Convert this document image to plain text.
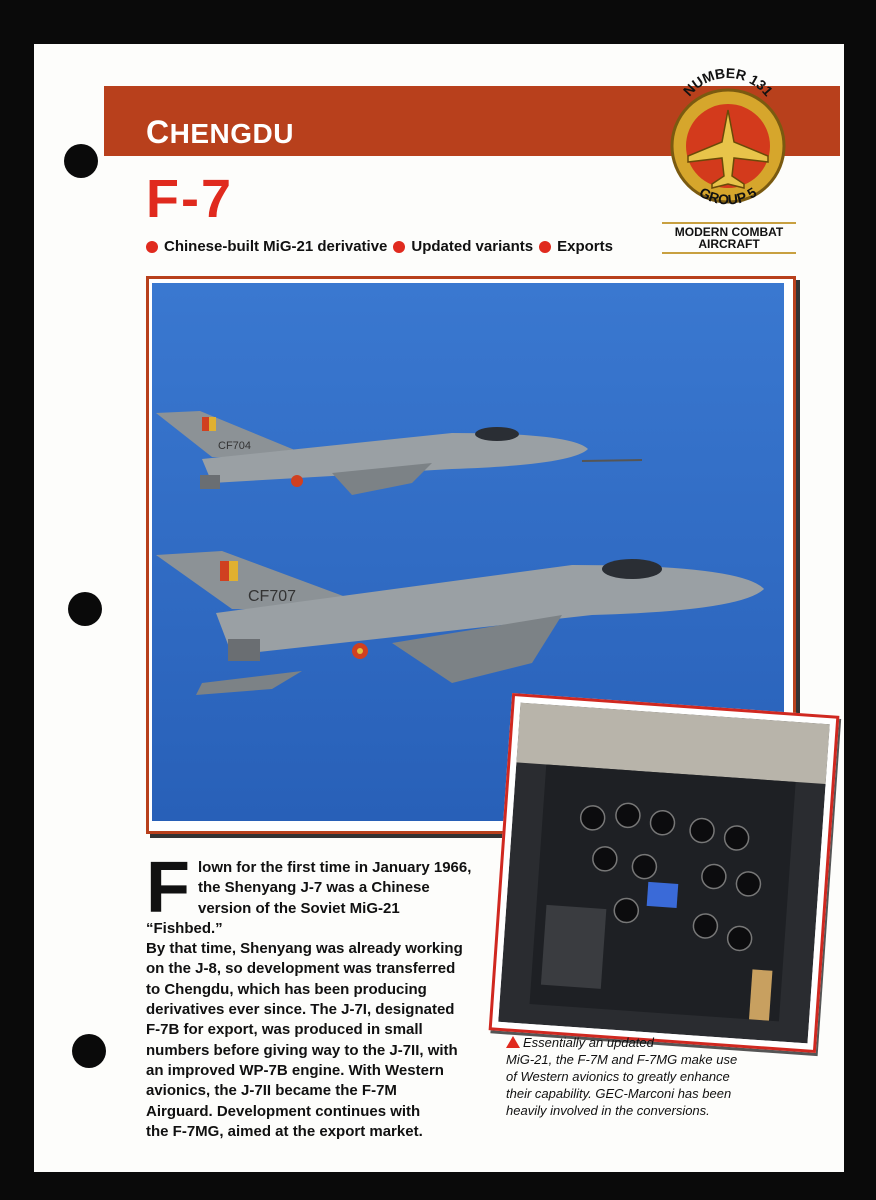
CHENGDU
F-7
NUMBER 131
GROUP 5
MODERN COMBAT
AIRCRAFT
Chinese-built MiG-21 derivative Updated variants Exports
CF704
CF707
F lown for the first time in January 1966,
the Shenyang J-7 was a Chinese
version of the Soviet MiG-21 “Fishbed.”
By that time, Shenyang was already working
on the J-8, so development was transferred
to Chengdu, which has been producing
derivatives ever since. The J-7I, designated
F-7B for export, was produced in small
numbers before giving way to the J-7II, with
an improved WP-7B engine. With Western
avionics, the J-7II became the F-7M
Airguard. Development continues with
the F-7MG, aimed at the export market.
Essentially an updated
MiG-21, the F-7M and F-7MG make use
of Western avionics to greatly enhance
their capability. GEC-Marconi has been
heavily involved in the conversions.
